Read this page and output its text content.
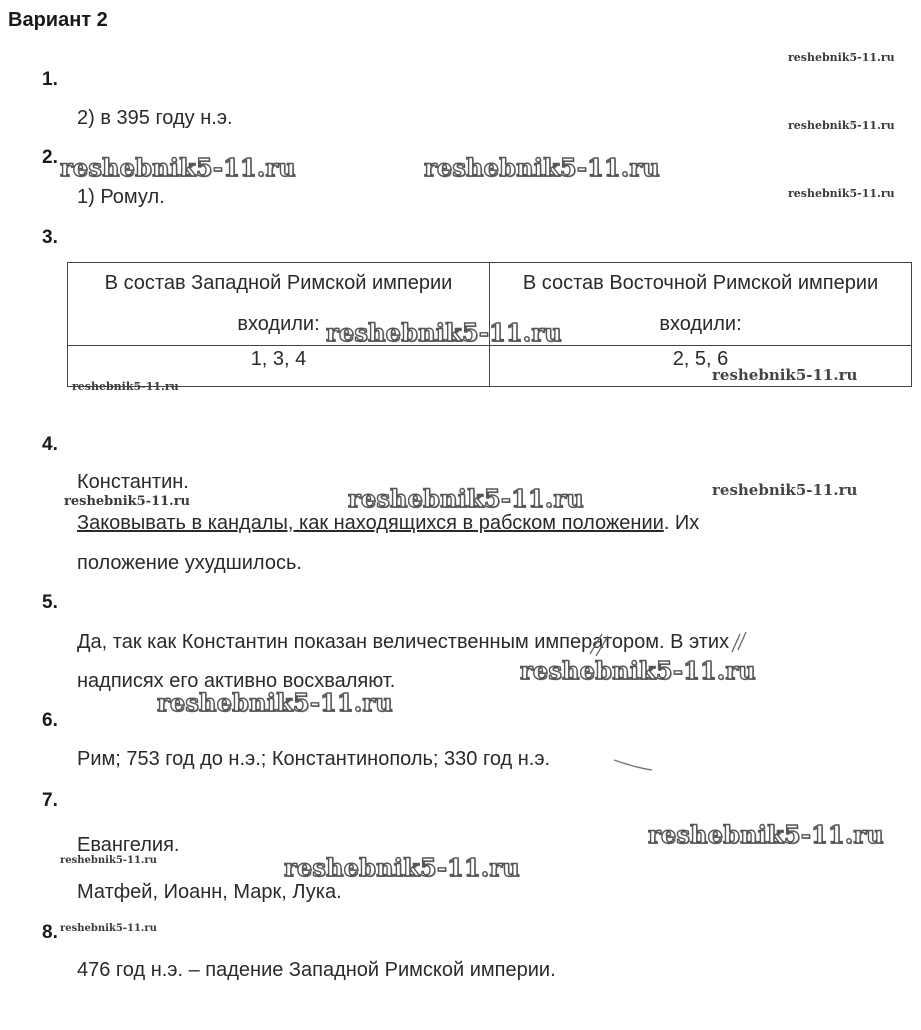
Вариант 2
1.
2) в 395 году н.э.
2.
1) Ромул.
3.
В состав Западной Римской империи входили:	В состав Восточной Римской империи входили:
1, 3, 4	2, 5, 6
4.
Константин.
Заковывать в кандалы, как находящихся в рабском положении. Их
положение ухудшилось.
5.
Да, так как Константин показан величественным императором. В этих
надписях его активно восхваляют.
6.
Рим; 753 год до н.э.; Константинополь; 330 год н.э.
7.
Евангелия.
Матфей, Иоанн, Марк, Лука.
8.
476 год н.э. – падение Западной Римской империи.
reshebnik5-11.ru
reshebnik5-11.ru
reshebnik5-11.ru
reshebnik5-11.ru	reshebnik5-11.ru
reshebnik5-11.ru
reshebnik5-11.ru
reshebnik5-11.ru
reshebnik5-11.ru	reshebnik5-11.ru	reshebnik5-11.ru
reshebnik5-11.ru
reshebnik5-11.ru
reshebnik5-11.ru
reshebnik5-11.ru	reshebnik5-11.ru
reshebnik5-11.ru
